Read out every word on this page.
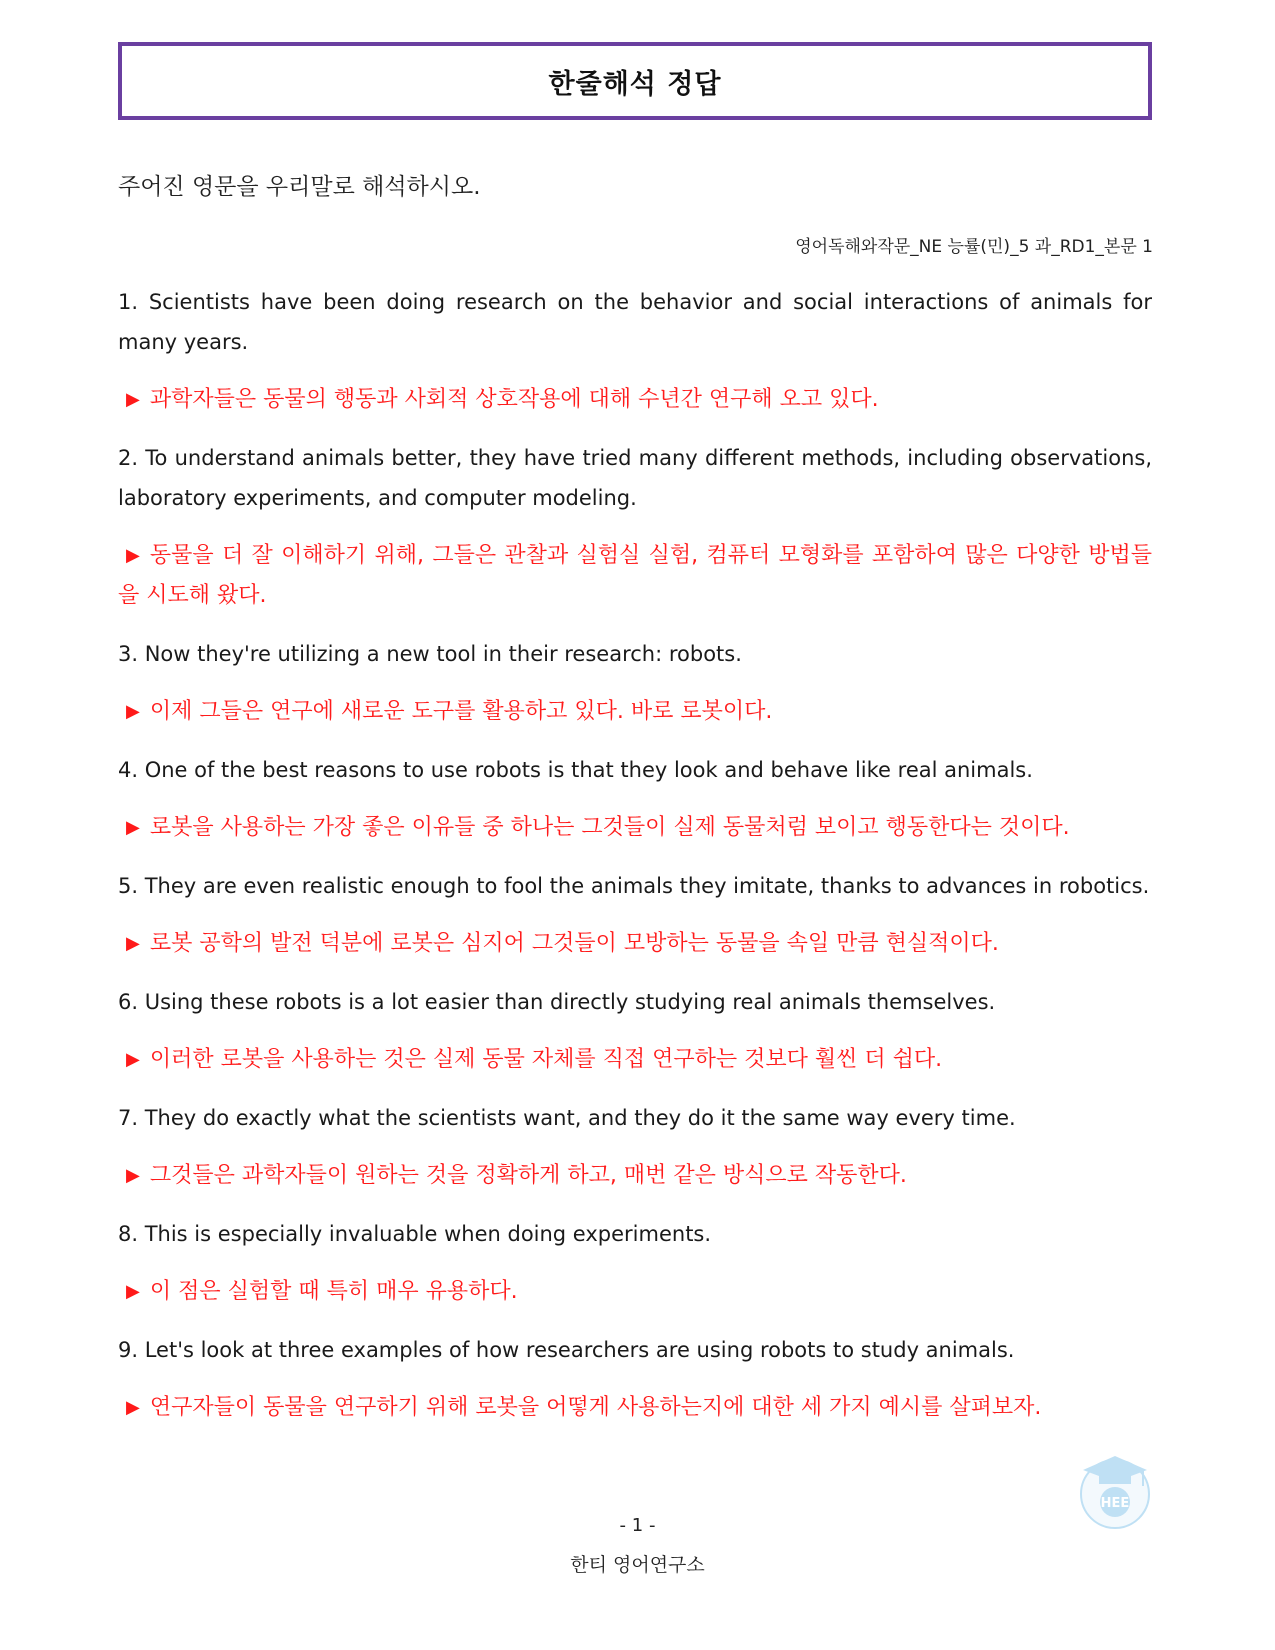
한줄해석 정답
주어진 영문을 우리말로 해석하시오.
영어독해와작문_NE 능률(민)_5 과_RD1_본문 1

1. Scientists have been doing research on the behavior and social interactions of animals for many years.

▶ 과학자들은 동물의 행동과 사회적 상호작용에 대해 수년간 연구해 오고 있다.

2. To understand animals better, they have tried many different methods, including observations, laboratory experiments, and computer modeling.

▶ 동물을 더 잘 이해하기 위해, 그들은 관찰과 실험실 실험, 컴퓨터 모형화를 포함하여 많은 다양한 방법들을 시도해 왔다.

3. Now they're utilizing a new tool in their research: robots.

▶ 이제 그들은 연구에 새로운 도구를 활용하고 있다. 바로 로봇이다.

4. One of the best reasons to use robots is that they look and behave like real animals.

▶ 로봇을 사용하는 가장 좋은 이유들 중 하나는 그것들이 실제 동물처럼 보이고 행동한다는 것이다.

5. They are even realistic enough to fool the animals they imitate, thanks to advances in robotics.

▶ 로봇 공학의 발전 덕분에 로봇은 심지어 그것들이 모방하는 동물을 속일 만큼 현실적이다.

6. Using these robots is a lot easier than directly studying real animals themselves.

▶ 이러한 로봇을 사용하는 것은 실제 동물 자체를 직접 연구하는 것보다 훨씬 더 쉽다.

7. They do exactly what the scientists want, and they do it the same way every time.

▶ 그것들은 과학자들이 원하는 것을 정확하게 하고, 매번 같은 방식으로 작동한다.

8. This is especially invaluable when doing experiments.

▶ 이 점은 실험할 때 특히 매우 유용하다.

9. Let's look at three examples of how researchers are using robots to study animals.

▶ 연구자들이 동물을 연구하기 위해 로봇을 어떻게 사용하는지에 대한 세 가지 예시를 살펴보자.

HEE
- 1 -
한티 영어연구소
